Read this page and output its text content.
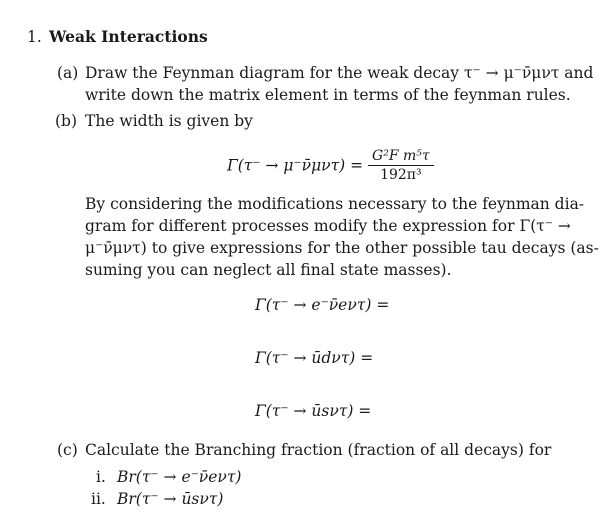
1. Weak Interactions
(a) Draw the Feynman diagram for the weak decay τ⁻ → μ⁻ν̄μντ and
write down the matrix element in terms of the feynman rules.
(b) The width is given by
Γ(τ⁻ → μ⁻ν̄μντ) = $\frac{\text{G²F m⁵τ}}{\text{192π³}}$
By considering the modifications necessary to the feynman dia-
gram for different processes modify the expression for Γ(τ⁻ →
μ⁻ν̄μντ) to give expressions for the other possible tau decays (as-
suming you can neglect all final state masses).
Γ(τ⁻ → e⁻ν̄eντ) =
Γ(τ⁻ → ūdντ) =
Γ(τ⁻ → ūsντ) =
(c) Calculate the Branching fraction (fraction of all decays) for
i. Br(τ⁻ → e⁻ν̄eντ)
ii. Br(τ⁻ → ūsντ)
